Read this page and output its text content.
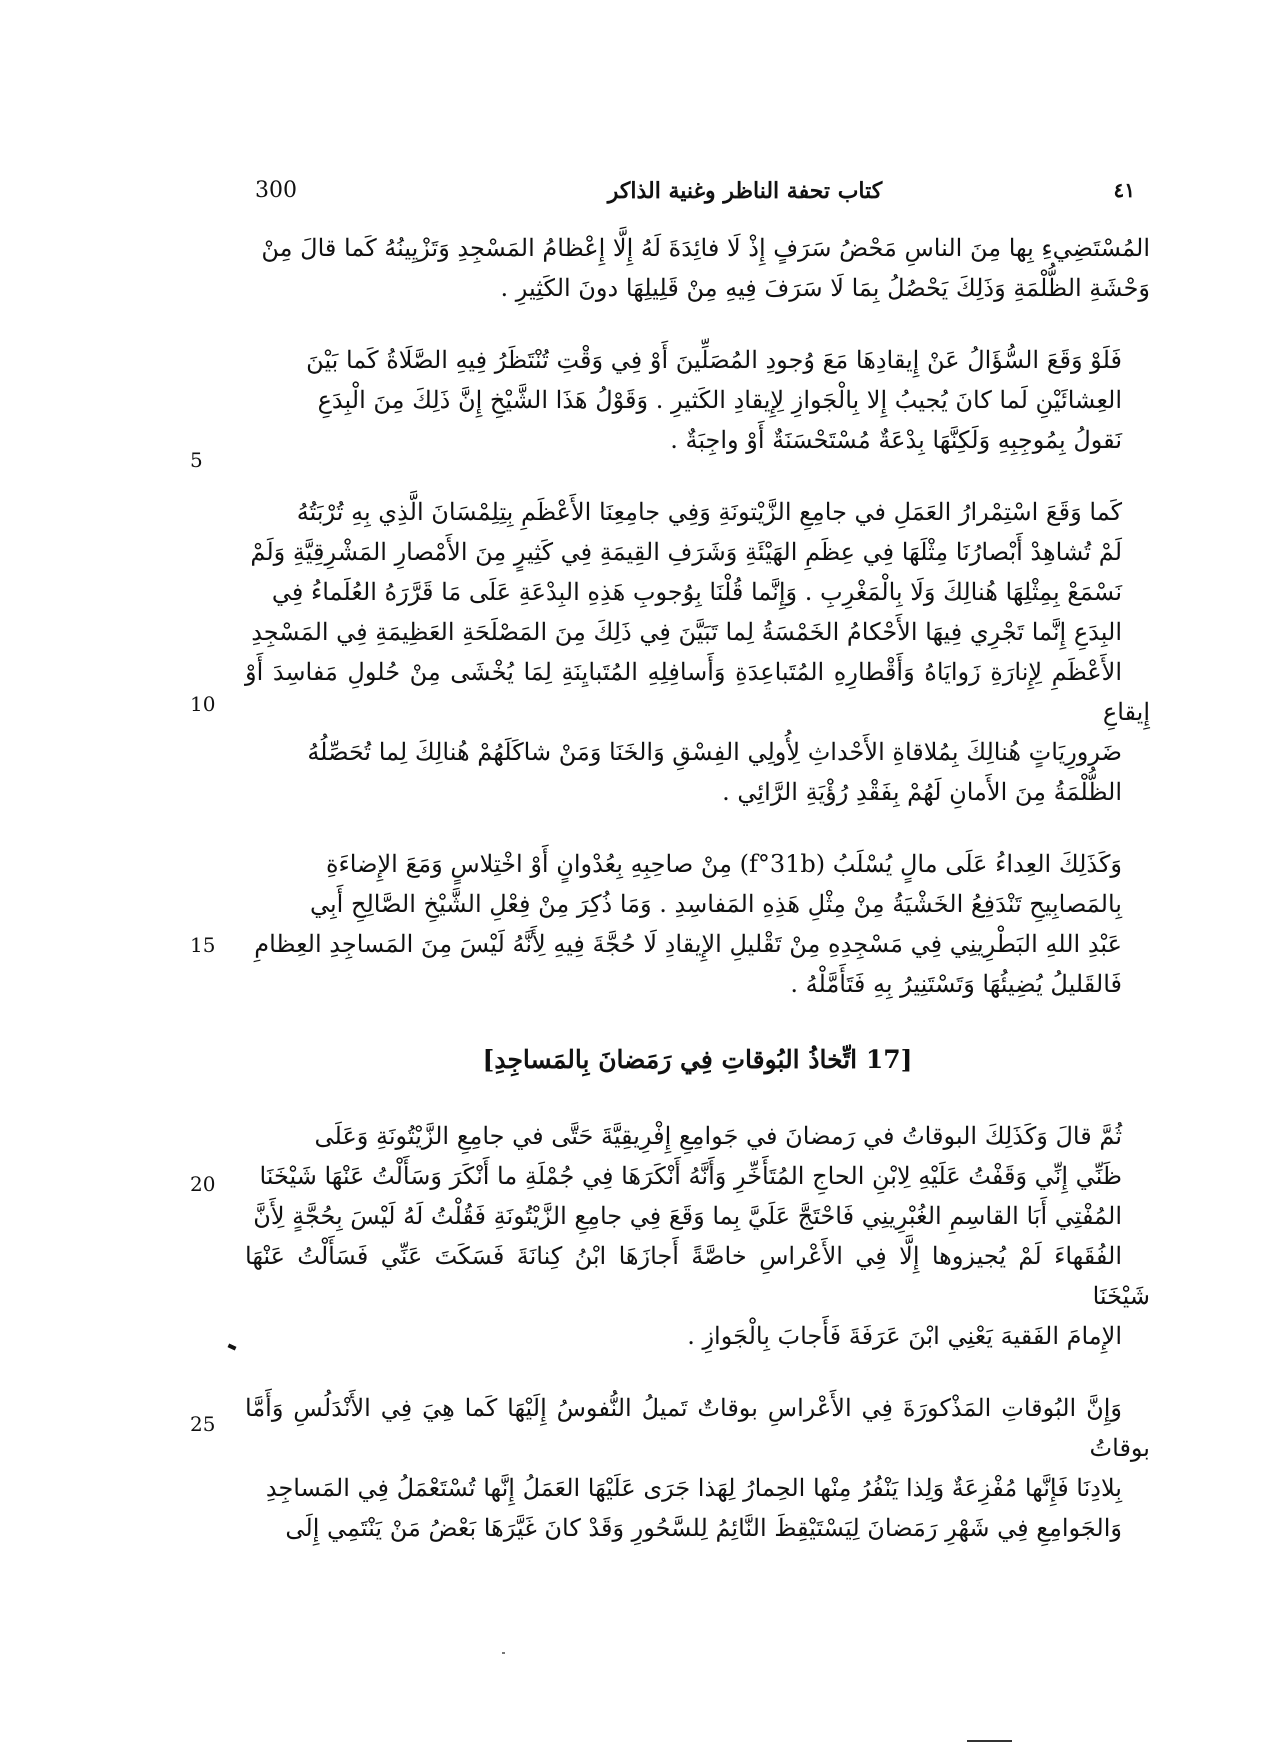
300	كتاب تحفة الناظر وغنية الذاكر	٤١
5
10
15
20
25

المُسْتَضِيءِ بِها مِنَ الناسِ مَحْضُ سَرَفٍ إِذْ لَا فائِدَةَ لَهُ إِلَّا إِعْظامُ المَسْجِدِ وَتَزْيِينُهُ كَما قالَ مِنْ
وَحْشَةِ الظُّلْمَةِ وَذَلِكَ يَحْصُلُ بِمَا لَا سَرَفَ فِيهِ مِنْ قَلِيلِهَا دونَ الكَثِيرِ .

فَلَوْ وَقَعَ السُّؤَالُ عَنْ إِيقادِهَا مَعَ وُجودِ المُصَلِّينَ أَوْ فِي وَقْتِ تُنْتَظَرُ فِيهِ الصَّلَاةُ كَما بَيْنَ
العِشائَيْنِ لَما كانَ يُجيبُ إِلا بِالْجَوازِ لِإِيقادِ الكَثيرِ . وَقَوْلُ هَذَا الشَّيْخِ إِنَّ ذَلِكَ مِنَ الْبِدَعِ
نَقولُ بِمُوجِبِهِ وَلَكِنَّهَا بِدْعَةٌ مُسْتَحْسَنَةٌ أَوْ واجِبَةٌ .

كَما وَقَعَ اسْتِمْرارُ العَمَلِ في جامِعِ الزَّيْتونَةِ وَفِي جامِعِنَا الأَعْظَمِ بِتِلِمْسَانَ الَّذِي بِهِ تُرْبَتُهُ
لَمْ تُشاهِدْ أَبْصارُنَا مِثْلَهَا فِي عِظَمِ الهَيْئَةِ وَشَرَفِ القِيمَةِ فِي كَثِيرٍ مِنَ الأَمْصارِ المَشْرِقِيَّةِ وَلَمْ
نَسْمَعْ بِمِثْلِهَا هُنالِكَ وَلَا بِالْمَغْرِبِ . وَإِنَّما قُلْنَا بِوُجوبِ هَذِهِ البِدْعَةِ عَلَى مَا قَرَّرَهُ العُلَماءُ فِي
البِدَعِ إِنَّما تَجْرِي فِيهَا الأَحْكامُ الخَمْسَةُ لِما تَبَيَّنَ فِي ذَلِكَ مِنَ المَصْلَحَةِ العَظِيمَةِ فِي المَسْجِدِ
الأَعْظَمِ لِإِنارَةِ زَوايَاهُ وَأَقْطارِهِ المُتَباعِدَةِ وَأَسافِلِهِ المُتَبايِنَةِ لِمَا يُخْشَى مِنْ حُلولِ مَفاسِدَ أَوْ إِيقاعِ
ضَرورِيَاتٍ هُنالِكَ بِمُلاقاةِ الأَحْداثِ لِأُولِي الفِسْقِ وَالخَنَا وَمَنْ شاكَلَهُمْ هُنالِكَ لِما تُحَصِّلُهُ
الظُّلْمَةُ مِنَ الأَمانِ لَهُمْ بِفَقْدِ رُؤْيَةِ الرَّائِي .

وَكَذَلِكَ العِداءُ عَلَى مالٍ يُسْلَبُ (f°31b) مِنْ صاحِبِهِ بِعُدْوانٍ أَوْ اخْتِلاسٍ وَمَعَ الإِضاءَةِ
بِالمَصابِيحِ تَنْدَفِعُ الخَشْيَةُ مِنْ مِثْلِ هَذِهِ المَفاسِدِ . وَمَا ذُكِرَ مِنْ فِعْلِ الشَّيْخِ الصَّالِحِ أَبِي
عَبْدِ اللهِ البَطْرِينِي فِي مَسْجِدِهِ مِنْ تَقْليلِ الإِيقادِ لَا حُجَّةَ فِيهِ لِأَنَّهُ لَيْسَ مِنَ المَساجِدِ العِظامِ
فَالقَليلُ يُضِيئُهَا وَتَسْتَنِيرُ بِهِ فَتَأَمَّلْهُ .

[17 اتِّخاذُ البُوقاتِ فِي رَمَضانَ بِالمَساجِدِ]

ثُمَّ قالَ وَكَذَلِكَ البوقاتُ في رَمضانَ في جَوامِعِ إِفْرِيقِيَّةَ حَتَّى في جامِعِ الزَّيْتُونَةِ وَعَلَى
ظَنِّي إِنِّي وَقَفْتُ عَلَيْهِ لِابْنِ الحاجِ المُتَأَخِّرِ وَأَنَّهُ أَنْكَرَهَا فِي جُمْلَةِ ما أَنْكَرَ وَسَأَلْتُ عَنْهَا شَيْخَنَا
المُفْتِي أَبَا القاسِمِ الغُبْرِينِي فَاحْتَجَّ عَلَيَّ بِما وَقَعَ فِي جامِعِ الزَّيْتُونَةِ فَقُلْتُ لَهُ لَيْسَ بِحُجَّةٍ لِأَنَّ
الفُقَهاءَ لَمْ يُجيزوها إِلَّا فِي الأَعْراسِ خاصَّةً أَجازَهَا ابْنُ كِنانَةَ فَسَكَتَ عَنِّي فَسَأَلْتُ عَنْهَا شَيْخَنَا
الإِمامَ الفَقيهَ يَعْنِي ابْنَ عَرَفَةَ فَأَجابَ بِالْجَوازِ .

وَإِنَّ البُوقاتِ المَذْكورَةَ فِي الأَعْراسِ بوقاتٌ تَميلُ النُّفوسُ إِلَيْهَا كَما هِيَ فِي الأَنْدَلُسِ وَأَمَّا بوقاتُ
بِلادِنَا فَإِنَّها مُفْزِعَةٌ وَلِذا يَنْفُرُ مِنْها الحِمارُ لِهَذا جَرَى عَلَيْهَا العَمَلُ إِنَّها تُسْتَعْمَلُ فِي المَساجِدِ
وَالجَوامِعِ فِي شَهْرِ رَمَضانَ لِيَسْتَيْقِظَ النَّائِمُ لِلسَّحُورِ وَقَدْ كانَ غَيَّرَهَا بَعْضُ مَنْ يَنْتَمِي إِلَى
